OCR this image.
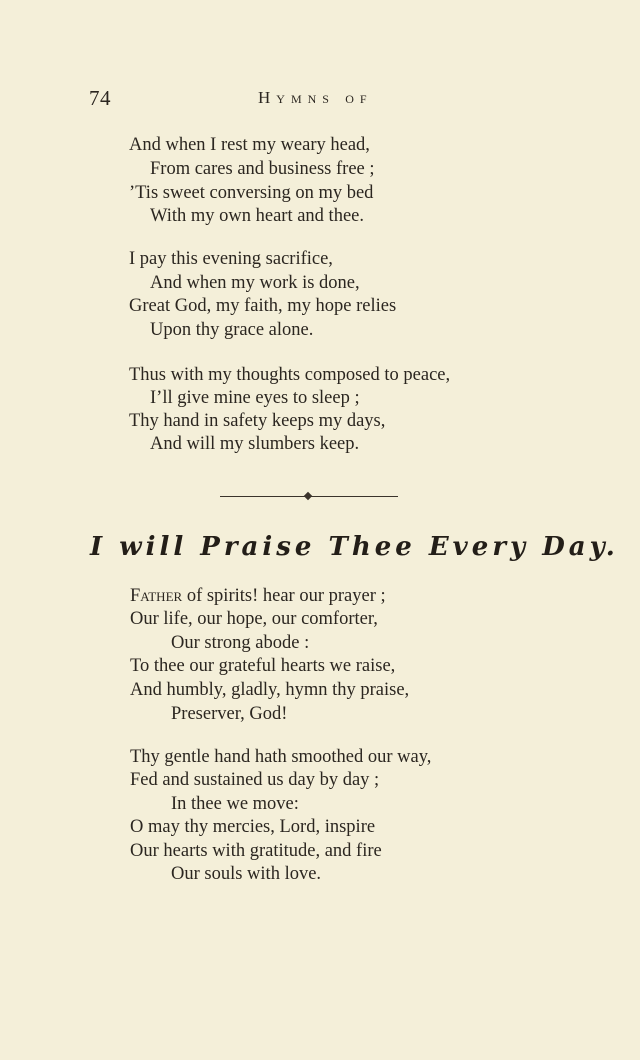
74	Hymns of
And when I rest my weary head,
From cares and business free ;
’Tis sweet conversing on my bed
With my own heart and thee.
I pay this evening sacrifice,
And when my work is done,
Great God, my faith, my hope relies
Upon thy grace alone.
Thus with my thoughts composed to peace,
I’ll give mine eyes to sleep ;
Thy hand in safety keeps my days,
And will my slumbers keep.
I will Praise Thee Every Day.
Father of spirits! hear our prayer ;
Our life, our hope, our comforter,
Our strong abode :
To thee our grateful hearts we raise,
And humbly, gladly, hymn thy praise,
Preserver, God!
Thy gentle hand hath smoothed our way,
Fed and sustained us day by day ;
In thee we move:
O may thy mercies, Lord, inspire
Our hearts with gratitude, and fire
Our souls with love.
